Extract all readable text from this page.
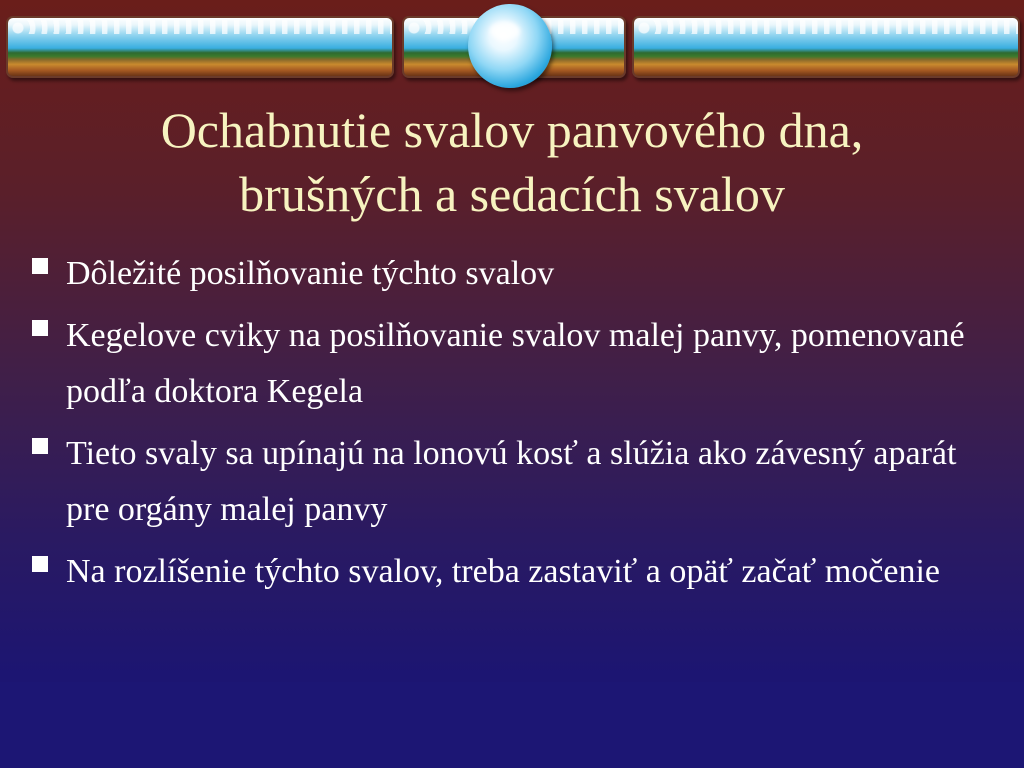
Ochabnutie svalov panvového dna,
brušných a sedacích svalov
Dôležité posilňovanie týchto svalov
Kegelove cviky na posilňovanie svalov malej panvy, pomenované podľa doktora Kegela
Tieto svaly sa upínajú na lonovú kosť a slúžia ako závesný aparát pre orgány malej panvy
Na rozlíšenie týchto svalov, treba zastaviť a opäť začať močenie
